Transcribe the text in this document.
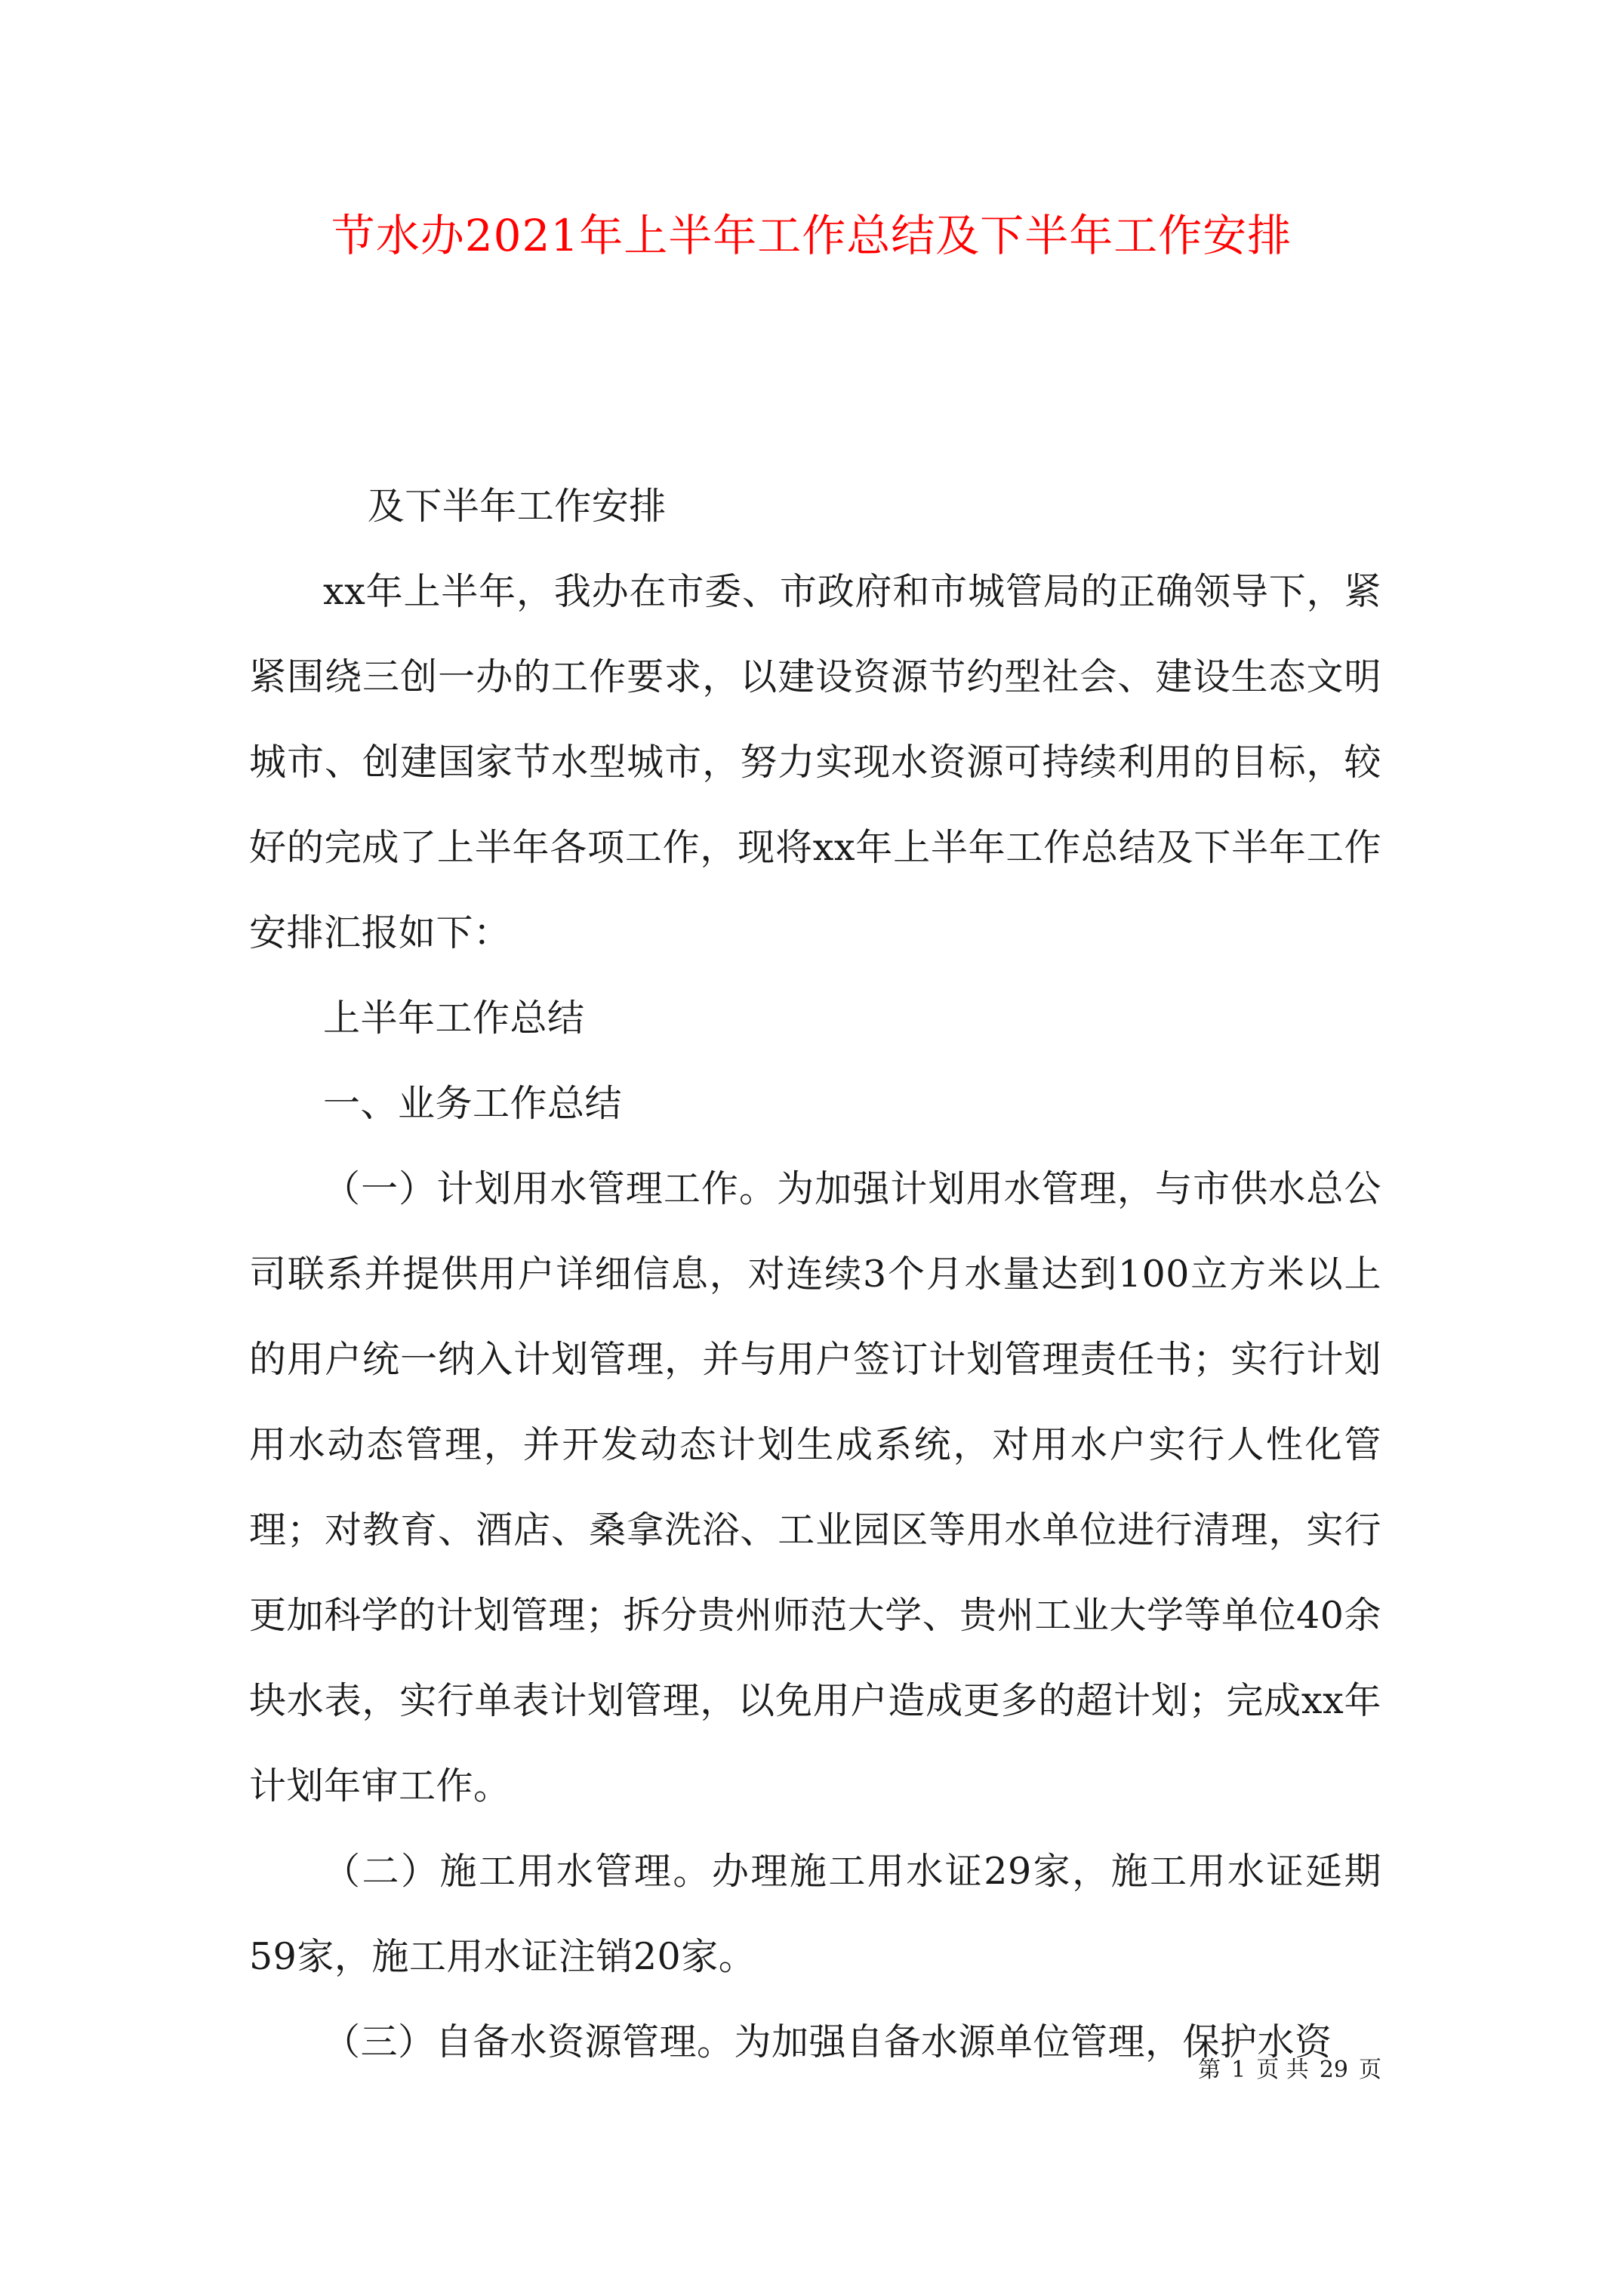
节水办2021年上半年工作总结及下半年工作安排

及下半年工作安排

xx年上半年，我办在市委、市政府和市城管局的正确领导下，紧紧围绕三创一办的工作要求，以建设资源节约型社会、建设生态文明城市、创建国家节水型城市，努力实现水资源可持续利用的目标，较好的完成了上半年各项工作，现将xx年上半年工作总结及下半年工作安排汇报如下：

上半年工作总结

一、业务工作总结

（一）计划用水管理工作。为加强计划用水管理，与市供水总公司联系并提供用户详细信息，对连续3个月水量达到100立方米以上的用户统一纳入计划管理，并与用户签订计划管理责任书；实行计划用水动态管理，并开发动态计划生成系统，对用水户实行人性化管理；对教育、酒店、桑拿洗浴、工业园区等用水单位进行清理，实行更加科学的计划管理；拆分贵州师范大学、贵州工业大学等单位40余块水表，实行单表计划管理，以免用户造成更多的超计划；完成xx年计划年审工作。

（二）施工用水管理。办理施工用水证29家，施工用水证延期59家，施工用水证注销20家。

（三）自备水资源管理。为加强自备水源单位管理，保护水资

第 1 页 共 29 页
